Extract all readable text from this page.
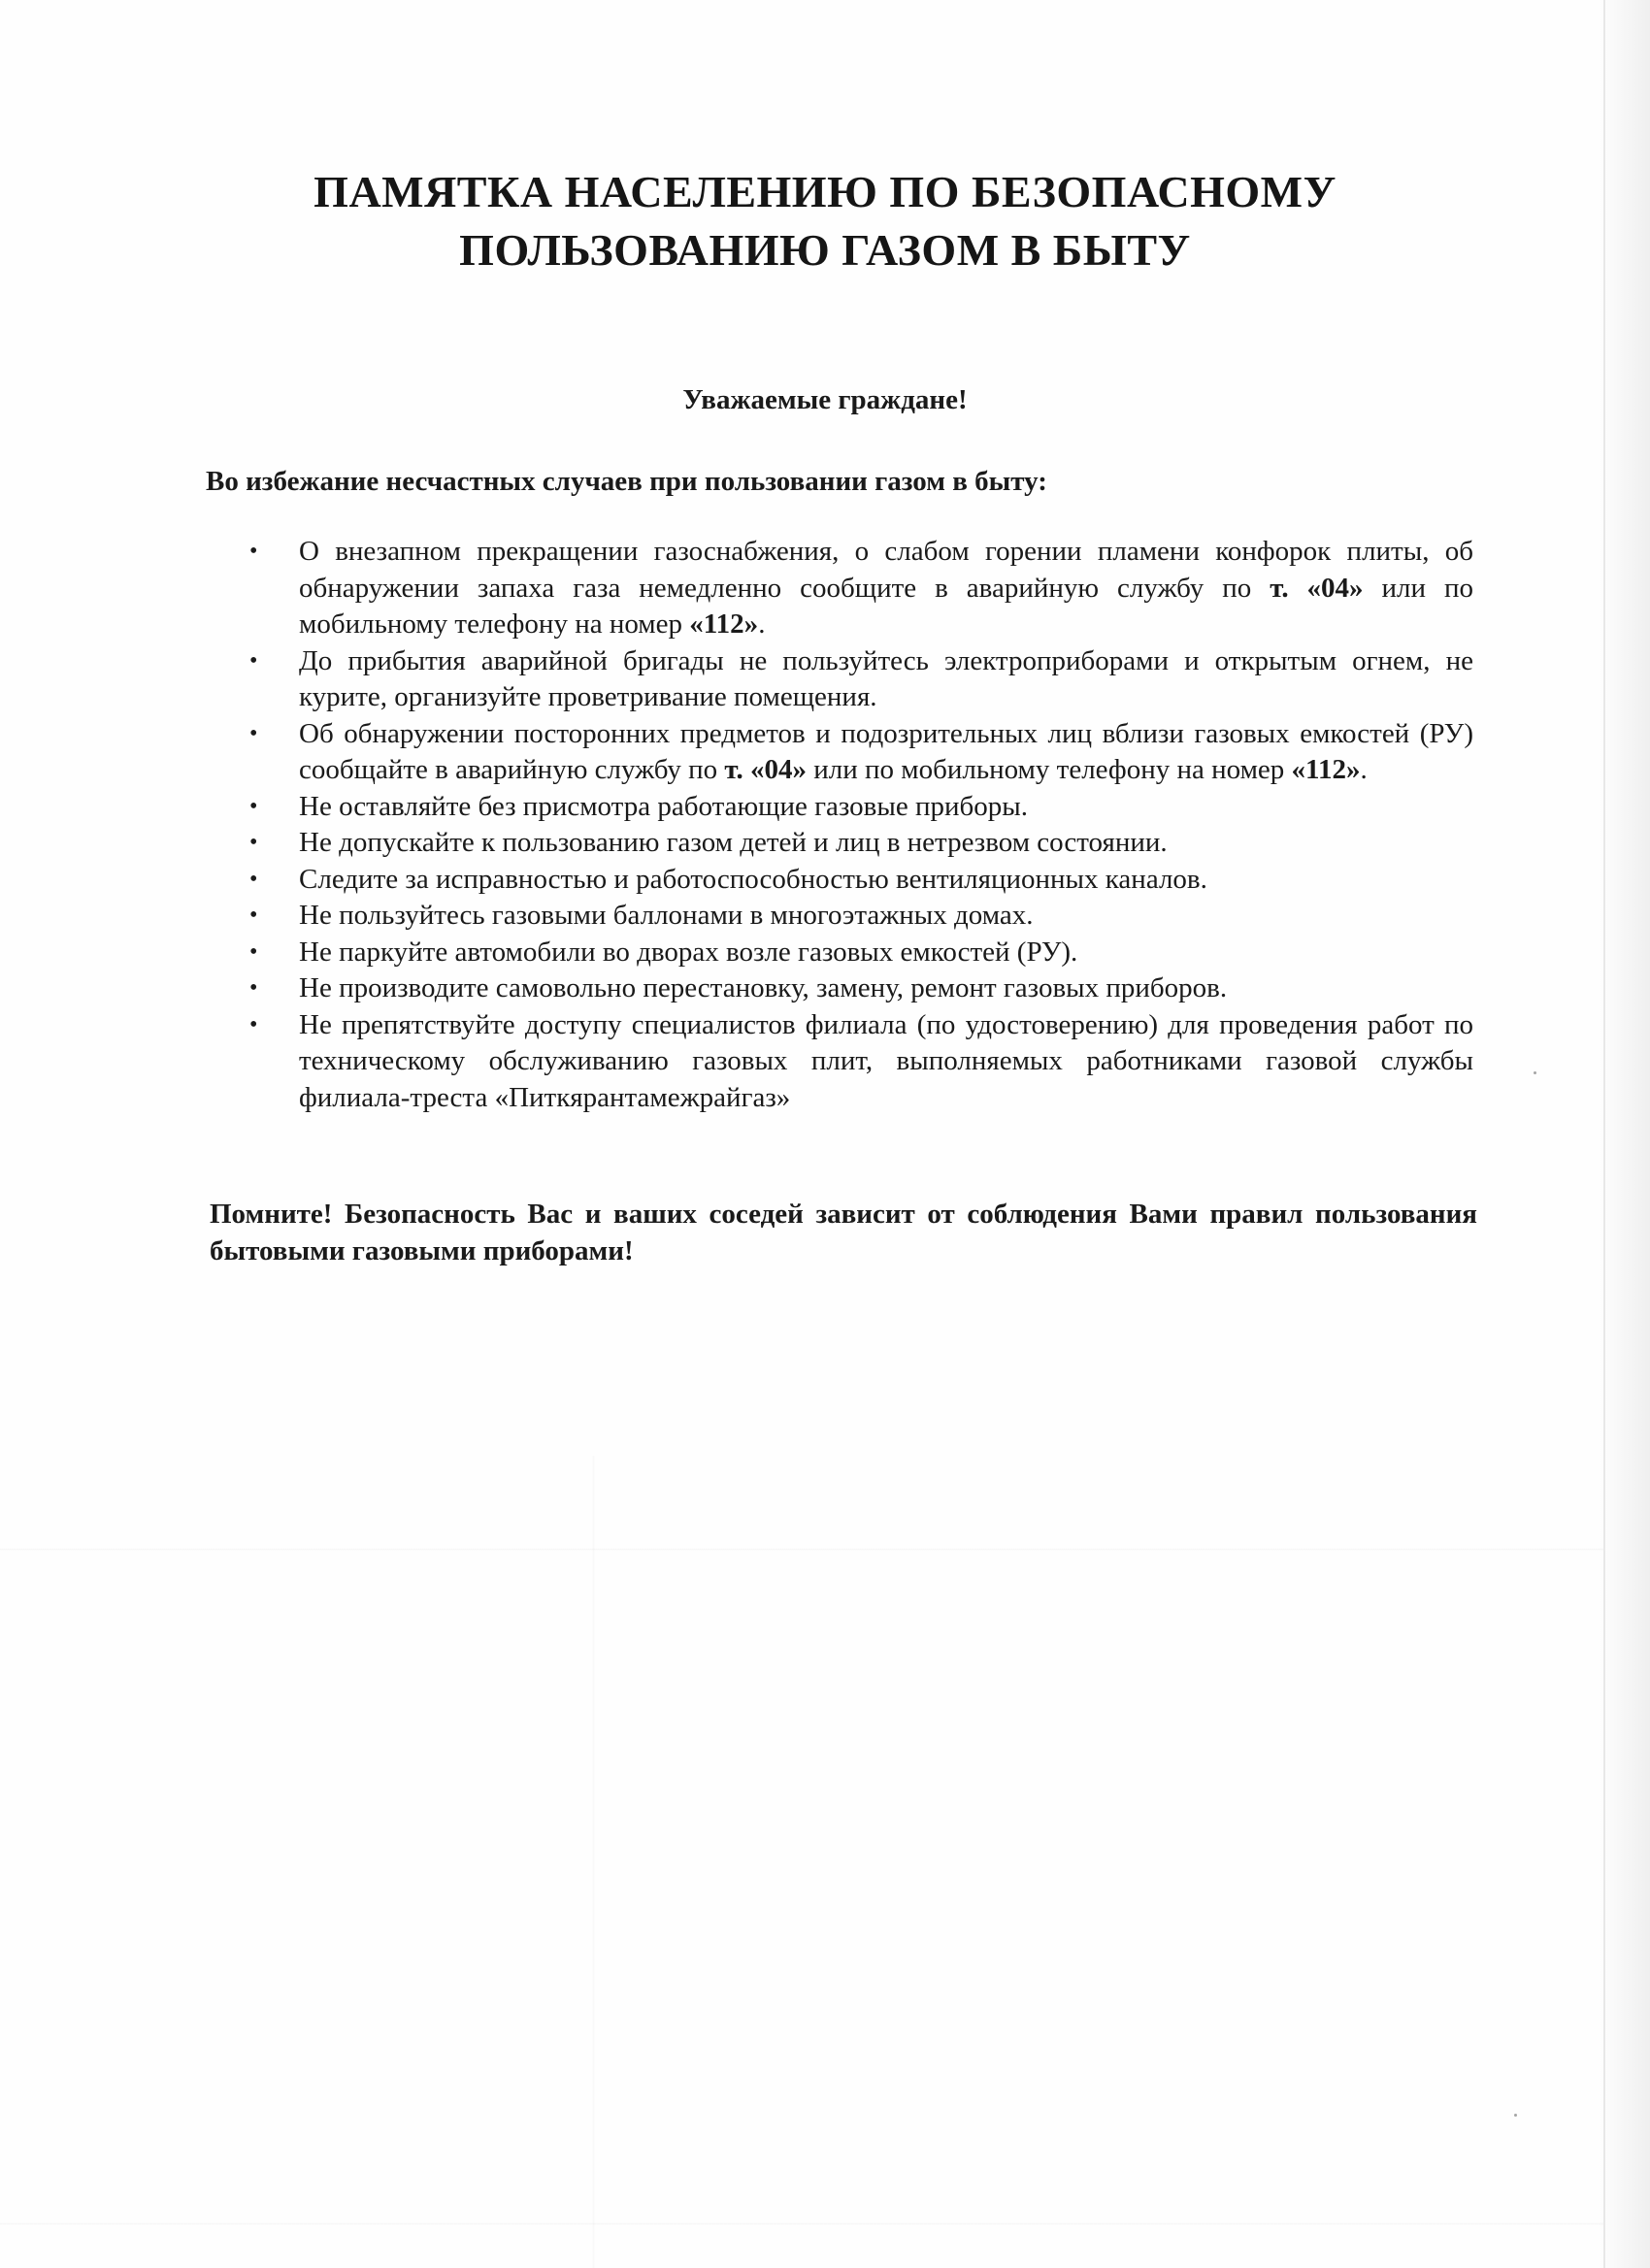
ПАМЯТКА НАСЕЛЕНИЮ ПО БЕЗОПАСНОМУ
ПОЛЬЗОВАНИЮ ГАЗОМ В БЫТУ

Уважаемые граждане!

Во избежание несчастных случаев при пользовании газом в быту:

• О внезапном прекращении газоснабжения, о слабом горении пламени конфорок плиты, об обнаружении запаха газа немедленно сообщите в аварийную службу по т. «04» или по мобильному телефону на номер «112».
• До прибытия аварийной бригады не пользуйтесь электроприборами и открытым огнем, не курите, организуйте проветривание помещения.
• Об обнаружении посторонних предметов и подозрительных лиц вблизи газовых емкостей (РУ) сообщайте в аварийную службу по т. «04» или по мобильному телефону на номер «112».
• Не оставляйте без присмотра работающие газовые приборы.
• Не допускайте к пользованию газом детей и лиц в нетрезвом состоянии.
• Следите за исправностью и работоспособностью вентиляционных каналов.
• Не пользуйтесь газовыми баллонами в многоэтажных домах.
• Не паркуйте автомобили во дворах возле газовых емкостей (РУ).
• Не производите самовольно перестановку, замену, ремонт газовых приборов.
• Не препятствуйте доступу специалистов филиала (по удостоверению) для проведения работ по техническому обслуживанию газовых плит, выполняемых работниками газовой службы филиала-треста «Питкярантамежрайгаз»

Помните! Безопасность Вас и ваших соседей зависит от соблюдения Вами правил пользования бытовыми газовыми приборами!
